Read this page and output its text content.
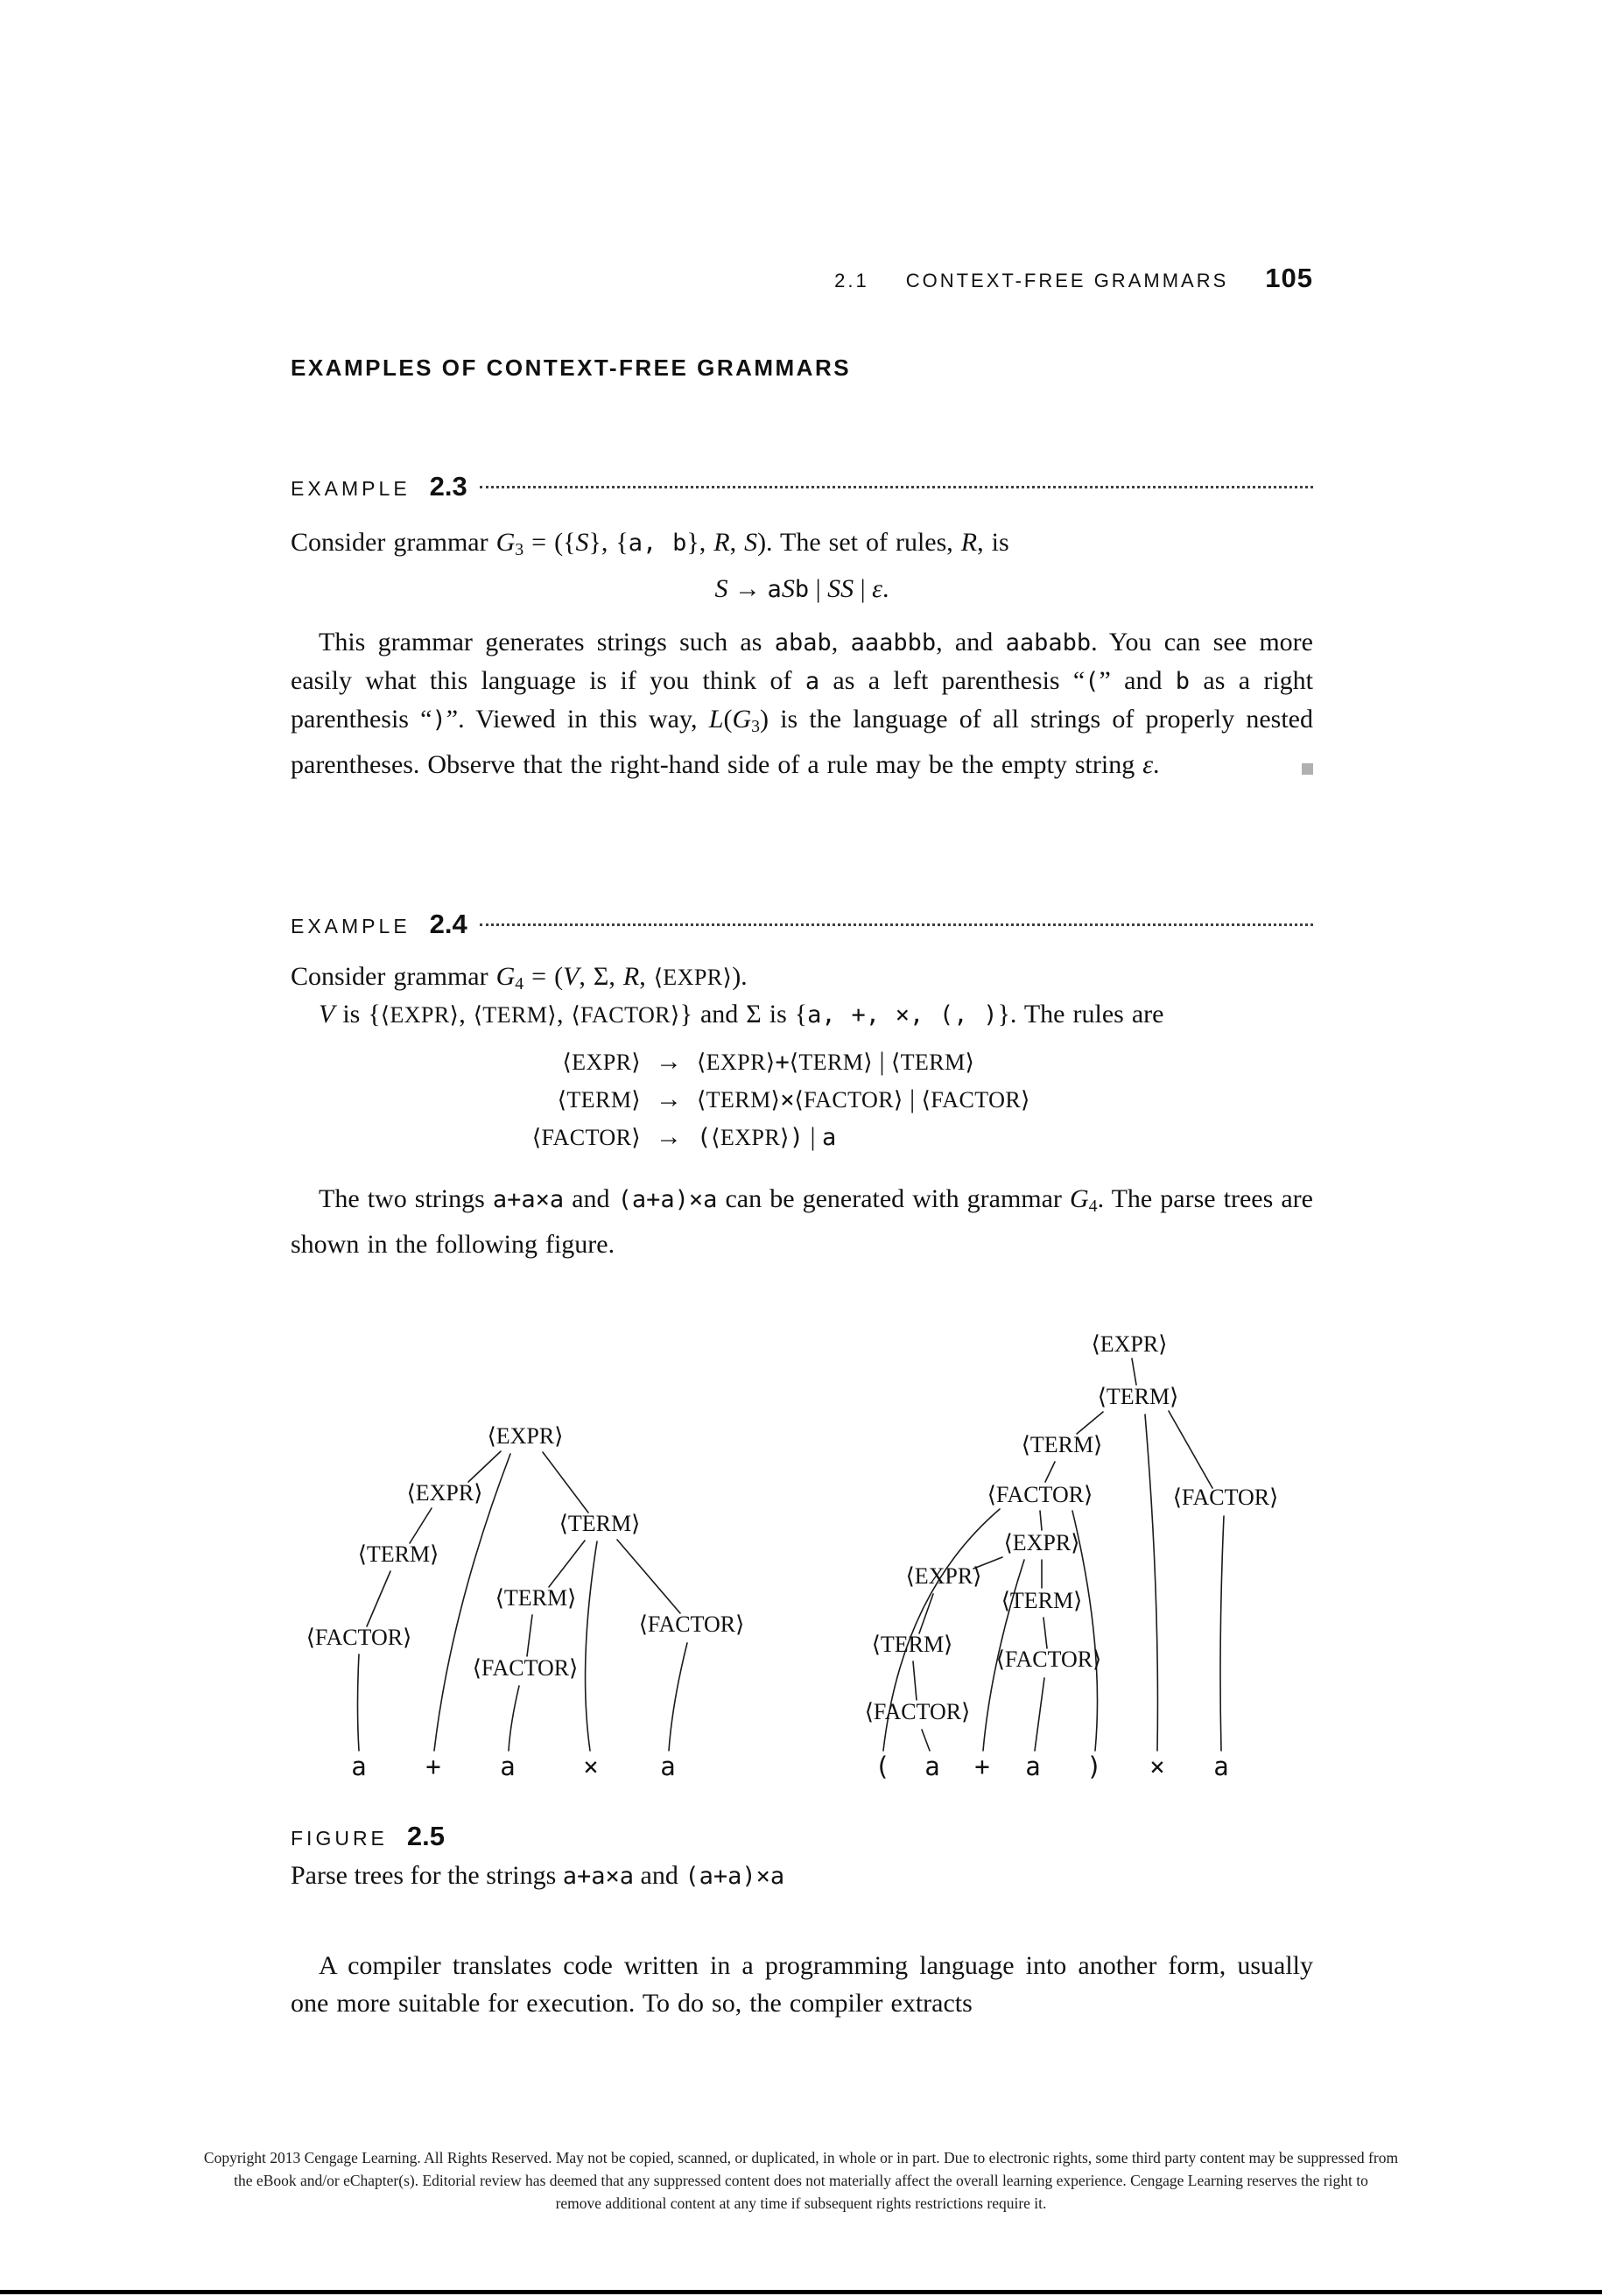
2.1 CONTEXT-FREE GRAMMARS 105
EXAMPLES OF CONTEXT-FREE GRAMMARS
EXAMPLE 2.3

Consider grammar G3 = ({S}, {a, b}, R, S). The set of rules, R, is

S → aSb | SS | ε.

This grammar generates strings such as abab, aaabbb, and aababb. You can see more easily what this language is if you think of a as a left parenthesis “(” and b as a right parenthesis “)”. Viewed in this way, L(G3) is the language of all strings of properly nested parentheses. Observe that the right-hand side of a rule may be the empty string ε.

EXAMPLE 2.4

Consider grammar G4 = (V, Σ, R, ⟨EXPR⟩).

V is {⟨EXPR⟩, ⟨TERM⟩, ⟨FACTOR⟩} and Σ is {a, +, ×, (, )}. The rules are

⟨EXPR⟩ → ⟨EXPR⟩+⟨TERM⟩ | ⟨TERM⟩
⟨TERM⟩ → ⟨TERM⟩×⟨FACTOR⟩ | ⟨FACTOR⟩
⟨FACTOR⟩ → (⟨EXPR⟩) | a

The two strings a+a×a and (a+a)×a can be generated with grammar G4. The parse trees are shown in the following figure.

⟨EXPR⟩
⟨EXPR⟩
⟨TERM⟩
⟨TERM⟩
⟨TERM⟩
⟨FACTOR⟩
⟨FACTOR⟩
⟨FACTOR⟩
a + a	× a
⟨EXPR⟩
⟨TERM⟩
⟨TERM⟩
⟨FACTOR⟩
⟨FACTOR⟩
⟨EXPR⟩
⟨EXPR⟩
⟨TERM⟩
⟨TERM⟩
⟨FACTOR⟩
⟨FACTOR⟩
( a + a ) × a
FIGURE 2.5

Parse trees for the strings a+a×a and (a+a)×a

A compiler translates code written in a programming language into another form, usually one more suitable for execution. To do so, the compiler extracts

Copyright 2013 Cengage Learning. All Rights Reserved. May not be copied, scanned, or duplicated, in whole or in part. Due to electronic rights, some third party content may be suppressed from
the eBook and/or eChapter(s). Editorial review has deemed that any suppressed content does not materially affect the overall learning experience. Cengage Learning reserves the right to
remove additional content at any time if subsequent rights restrictions require it.
